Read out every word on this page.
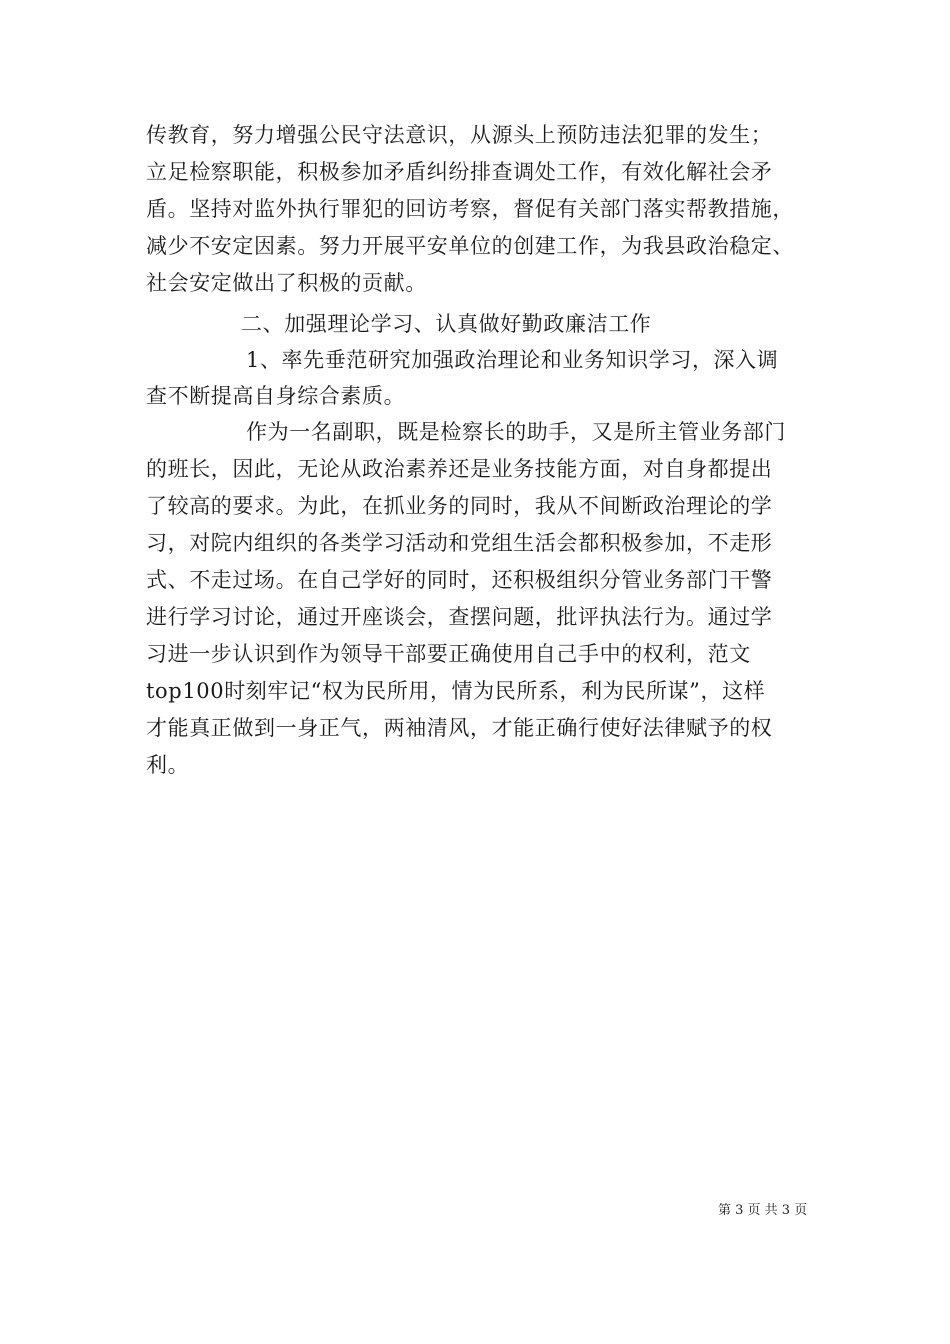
传教育，努力增强公民守法意识，从源头上预防违法犯罪的发生；
立足检察职能，积极参加矛盾纠纷排查调处工作，有效化解社会矛
盾。坚持对监外执行罪犯的回访考察，督促有关部门落实帮教措施，
减少不安定因素。努力开展平安单位的创建工作，为我县政治稳定、
社会安定做出了积极的贡献。
二、加强理论学习、认真做好勤政廉洁工作
1、率先垂范研究加强政治理论和业务知识学习，深入调
查不断提高自身综合素质。
作为一名副职，既是检察长的助手，又是所主管业务部门
的班长，因此，无论从政治素养还是业务技能方面，对自身都提出
了较高的要求。为此，在抓业务的同时，我从不间断政治理论的学
习，对院内组织的各类学习活动和党组生活会都积极参加，不走形
式、不走过场。在自己学好的同时，还积极组织分管业务部门干警
进行学习讨论，通过开座谈会，查摆问题，批评执法行为。通过学
习进一步认识到作为领导干部要正确使用自己手中的权利，范文
top100时刻牢记“权为民所用，情为民所系，利为民所谋”，这样
才能真正做到一身正气，两袖清风，才能正确行使好法律赋予的权
利。
第 3 页 共 3 页
